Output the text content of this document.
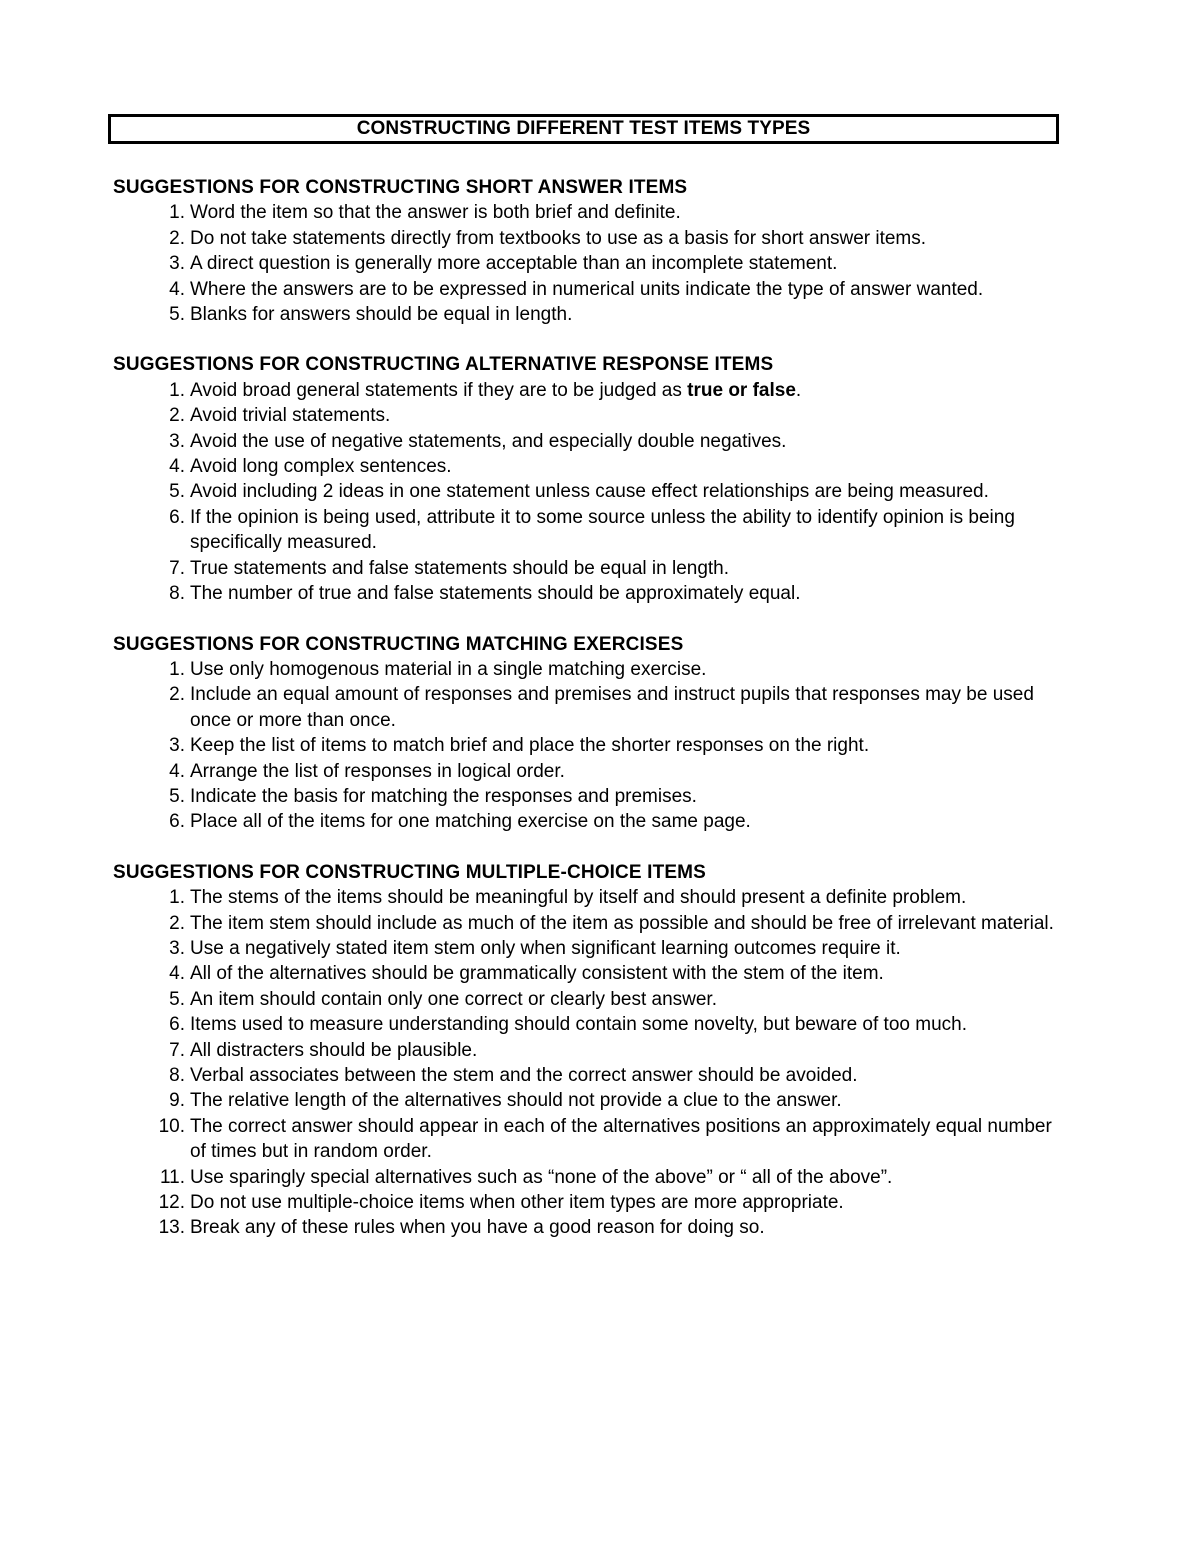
CONSTRUCTING DIFFERENT TEST ITEMS TYPES
SUGGESTIONS FOR CONSTRUCTING SHORT ANSWER ITEMS
1. Word the item so that the answer is both brief and definite.
2. Do not take statements directly from textbooks to use as a basis for short answer items.
3. A direct question is generally more acceptable than an incomplete statement.
4. Where the answers are to be expressed in numerical units indicate the type of answer wanted.
5. Blanks for answers should be equal in length.
SUGGESTIONS FOR CONSTRUCTING ALTERNATIVE RESPONSE ITEMS
1. Avoid broad general statements if they are to be judged as true or false.
2. Avoid trivial statements.
3. Avoid the use of negative statements, and especially double negatives.
4. Avoid long complex sentences.
5. Avoid including 2 ideas in one statement unless cause effect relationships are being measured.
6. If the opinion is being used, attribute it to some source unless the ability to identify opinion is being specifically measured.
7. True statements and false statements should be equal in length.
8. The number of true and false statements should be approximately equal.
SUGGESTIONS FOR CONSTRUCTING MATCHING EXERCISES
1. Use only homogenous material in a single matching exercise.
2. Include an equal amount of responses and premises and instruct pupils that responses may be used once or more than once.
3. Keep the list of items to match brief and place the shorter responses on the right.
4. Arrange the list of responses in logical order.
5. Indicate the basis for matching the responses and premises.
6. Place all of the items for one matching exercise on the same page.
SUGGESTIONS FOR CONSTRUCTING MULTIPLE-CHOICE ITEMS
1. The stems of the items should be meaningful by itself and should present a definite problem.
2. The item stem should include as much of the item as possible and should be free of irrelevant material.
3. Use a negatively stated item stem only when significant learning outcomes require it.
4. All of the alternatives should be grammatically consistent with the stem of the item.
5. An item should contain only one correct or clearly best answer.
6. Items used to measure understanding should contain some novelty, but beware of too much.
7. All distracters should be plausible.
8. Verbal associates between the stem and the correct answer should be avoided.
9. The relative length of the alternatives should not provide a clue to the answer.
10. The correct answer should appear in each of the alternatives positions an approximately equal number of times but in random order.
11. Use sparingly special alternatives such as “none of the above” or “ all of the above”.
12. Do not use multiple-choice items when other item types are more appropriate.
13. Break any of these rules when you have a good reason for doing so.
